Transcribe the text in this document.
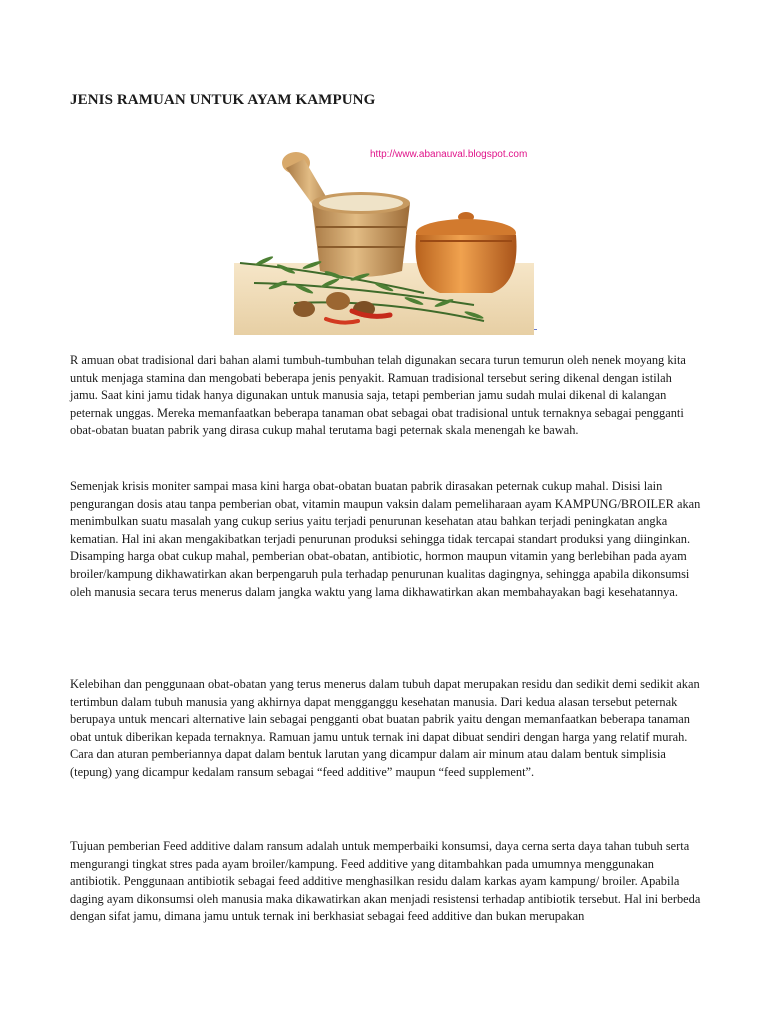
JENIS RAMUAN UNTUK AYAM KAMPUNG
http://www.abanauval.blogspot.com

R amuan obat tradisional dari bahan alami tumbuh-tumbuhan telah digunakan secara turun temurun oleh nenek moyang kita untuk menjaga stamina dan mengobati beberapa jenis penyakit. Ramuan tradisional tersebut sering dikenal dengan istilah jamu. Saat kini jamu tidak hanya digunakan untuk manusia saja, tetapi pemberian jamu sudah mulai dikenal di kalangan peternak unggas. Mereka memanfaatkan beberapa tanaman obat sebagai obat tradisional untuk ternaknya sebagai pengganti obat-obatan buatan pabrik yang dirasa cukup mahal terutama bagi peternak skala menengah ke bawah.

Semenjak krisis moniter sampai masa kini harga obat-obatan buatan pabrik dirasakan peternak cukup mahal. Disisi lain pengurangan dosis atau tanpa pemberian obat, vitamin maupun vaksin dalam pemeliharaan ayam KAMPUNG/BROILER akan menimbulkan suatu masalah yang cukup serius yaitu terjadi penurunan kesehatan atau bahkan terjadi peningkatan angka kematian. Hal ini akan mengakibatkan terjadi penurunan produksi sehingga tidak tercapai standart produksi yang diinginkan. Disamping harga obat cukup mahal, pemberian obat-obatan, antibiotic, hormon maupun vitamin yang berlebihan pada ayam broiler/kampung dikhawatirkan akan berpengaruh pula terhadap penurunan kualitas dagingnya, sehingga apabila dikonsumsi oleh manusia secara terus menerus dalam jangka waktu yang lama dikhawatirkan akan membahayakan bagi kesehatannya.

Kelebihan dan penggunaan obat-obatan yang terus menerus dalam tubuh dapat merupakan residu dan sedikit demi sedikit akan tertimbun dalam tubuh manusia yang akhirnya dapat mengganggu kesehatan manusia. Dari kedua alasan tersebut peternak berupaya untuk mencari alternative lain sebagai pengganti obat buatan pabrik yaitu dengan memanfaatkan beberapa tanaman obat untuk diberikan kepada ternaknya. Ramuan jamu untuk ternak ini dapat dibuat sendiri dengan harga yang relatif murah. Cara dan aturan pemberiannya dapat dalam bentuk larutan yang dicampur dalam air minum atau dalam bentuk simplisia (tepung) yang dicampur kedalam ransum sebagai “feed additive” maupun “feed supplement”.

Tujuan pemberian Feed additive dalam ransum adalah untuk memperbaiki konsumsi, daya cerna serta daya tahan tubuh serta mengurangi tingkat stres pada ayam broiler/kampung. Feed additive yang ditambahkan pada umumnya menggunakan antibiotik. Penggunaan antibiotik sebagai feed additive menghasilkan residu dalam karkas ayam kampung/ broiler. Apabila daging ayam dikonsumsi oleh manusia maka dikawatirkan akan menjadi resistensi terhadap antibiotik tersebut. Hal ini berbeda dengan sifat jamu, dimana jamu untuk ternak ini berkhasiat sebagai feed additive dan bukan merupakan
